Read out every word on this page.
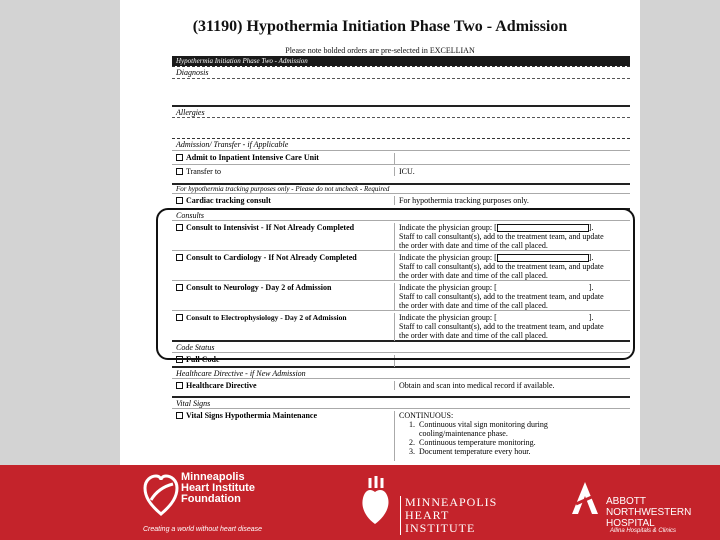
(31190) Hypothermia Initiation Phase Two - Admission
Please note bolded orders are pre-selected in EXCELLIAN
Hypothermia Initiation Phase Two - Admission
Diagnosis
Allergies
Admission/ Transfer - if Applicable
Admit to Inpatient Intensive Care Unit
Transfer to	ICU.
For hypothermia tracking purposes only - Please do not uncheck - Required
Cardiac tracking consult	For hypothermia tracking purposes only.
Consults
Consult to Intensivist - If Not Already Completed	Indicate the physician group: [	].
Staff to call consultant(s), add to the treatment team, and update
the order with date and time of the call placed.
Consult to Cardiology - If Not Already Completed	Indicate the physician group: [	].
Staff to call consultant(s), add to the treatment team, and update
the order with date and time of the call placed.
Consult to Neurology - Day 2 of Admission	Indicate the physician group: [	].
Staff to call consultant(s), add to the treatment team, and update
the order with date and time of the call placed.
Consult to Electrophysiology - Day 2 of Admission	Indicate the physician group: [	].
Staff to call consultant(s), add to the treatment team, and update
the order with date and time of the call placed.
Code Status
Full Code
Healthcare Directive - if New Admission
Healthcare Directive	Obtain and scan into medical record if available.
Vital Signs
Vital Signs Hypothermia Maintenance	CONTINUOUS:
1.  Continuous vital sign monitoring during
cooling/maintenance phase.
2.  Continuous temperature monitoring.
3.  Document temperature every hour.
Minneapolis
Heart Institute
Foundation
Creating a world without heart disease
MINNEAPOLIS
HEART
INSTITUTE
ABBOTT
NORTHWESTERN
HOSPITAL
Allina Hospitals & Clinics
